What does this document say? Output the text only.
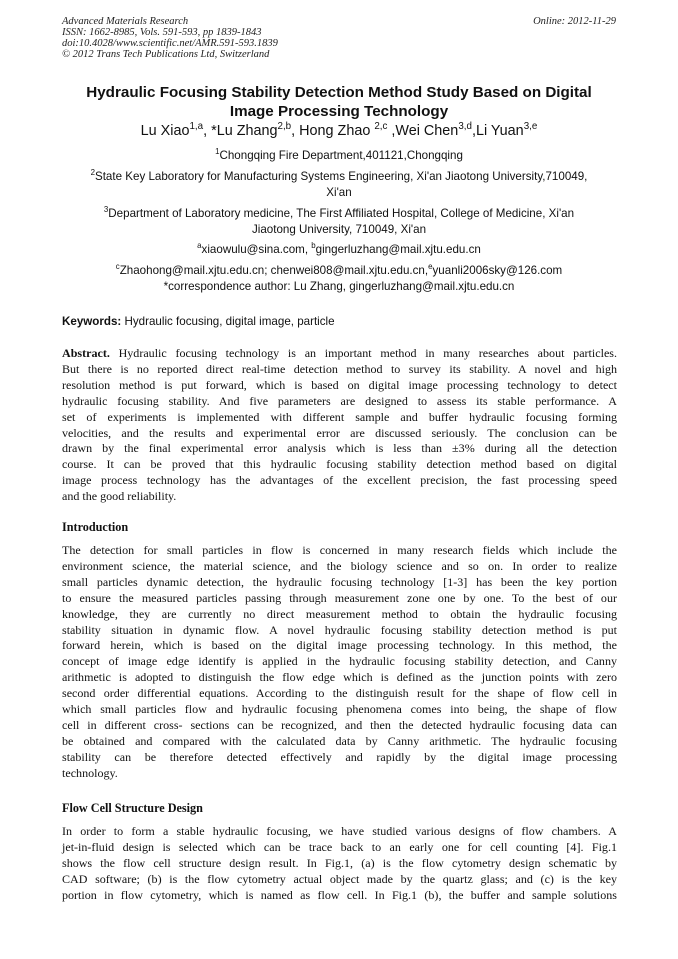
Advanced Materials Research
ISSN: 1662-8985, Vols. 591-593, pp 1839-1843
doi:10.4028/www.scientific.net/AMR.591-593.1839
© 2012 Trans Tech Publications Ltd, Switzerland
Online: 2012-11-29
Hydraulic Focusing Stability Detection Method Study Based on Digital
Image Processing Technology
Lu Xiao$^{1,a}$, *Lu Zhang$^{2,b}$, Hong Zhao $^{2,c}$ ,Wei Chen$^{3,d}$,Li Yuan$^{3,e}$
$^1$Chongqing Fire Department,401121,Chongqing
$^2$State Key Laboratory for Manufacturing Systems Engineering, Xi'an Jiaotong University,710049,
Xi'an
$^3$Department of Laboratory medicine, The First Affiliated Hospital, College of Medicine, Xi'an
Jiaotong University, 710049, Xi'an
$^a$xiaowulu@sina.com, $^b$gingerluzhang@mail.xjtu.edu.cn
$^c$Zhaohong@mail.xjtu.edu.cn; chenwei808@mail.xjtu.edu.cn,$^e$yuanli2006sky@126.com
*correspondence author: Lu Zhang, gingerluzhang@mail.xjtu.edu.cn
Keywords: Hydraulic focusing, digital image, particle
Abstract. Hydraulic focusing technology is an important method in many researches about particles.
But there is no reported direct real-time detection method to survey its stability. A novel and high
resolution method is put forward, which is based on digital image processing technology to detect
hydraulic focusing stability. And five parameters are designed to assess its stable performance. A
set of experiments is implemented with different sample and buffer hydraulic focusing forming
velocities, and the results and experimental error are discussed seriously. The conclusion can be
drawn by the final experimental error analysis which is less than ±3% during all the detection
course. It can be proved that this hydraulic focusing stability detection method based on digital
image process technology has the advantages of the excellent precision, the fast processing speed
and the good reliability.
Introduction
The detection for small particles in flow is concerned in many research fields which include the
environment science, the material science, and the biology science and so on. In order to realize
small particles dynamic detection, the hydraulic focusing technology [1-3] has been the key portion
to ensure the measured particles passing through measurement zone one by one. To the best of our
knowledge, they are currently no direct measurement method to obtain the hydraulic focusing
stability situation in dynamic flow. A novel hydraulic focusing stability detection method is put
forward herein, which is based on the digital image processing technology. In this method, the
concept of image edge identify is applied in the hydraulic focusing stability detection, and Canny
arithmetic is adopted to distinguish the flow edge which is defined as the junction points with zero
second order differential equations. According to the distinguish result for the shape of flow cell in
which small particles flow and hydraulic focusing phenomena comes into being, the shape of flow
cell in different cross- sections can be recognized, and then the detected hydraulic focusing data can
be obtained and compared with the calculated data by Canny arithmetic. The hydraulic focusing
stability can be therefore detected effectively and rapidly by the digital image processing
technology.
Flow Cell Structure Design
In order to form a stable hydraulic focusing, we have studied various designs of flow chambers. A
jet-in-fluid design is selected which can be trace back to an early one for cell counting [4]. Fig.1
shows the flow cell structure design result. In Fig.1, (a) is the flow cytometry design schematic by
CAD software; (b) is the flow cytometry actual object made by the quartz glass; and (c) is the key
portion in flow cytometry, which is named as flow cell. In Fig.1 (b), the buffer and sample solutions
